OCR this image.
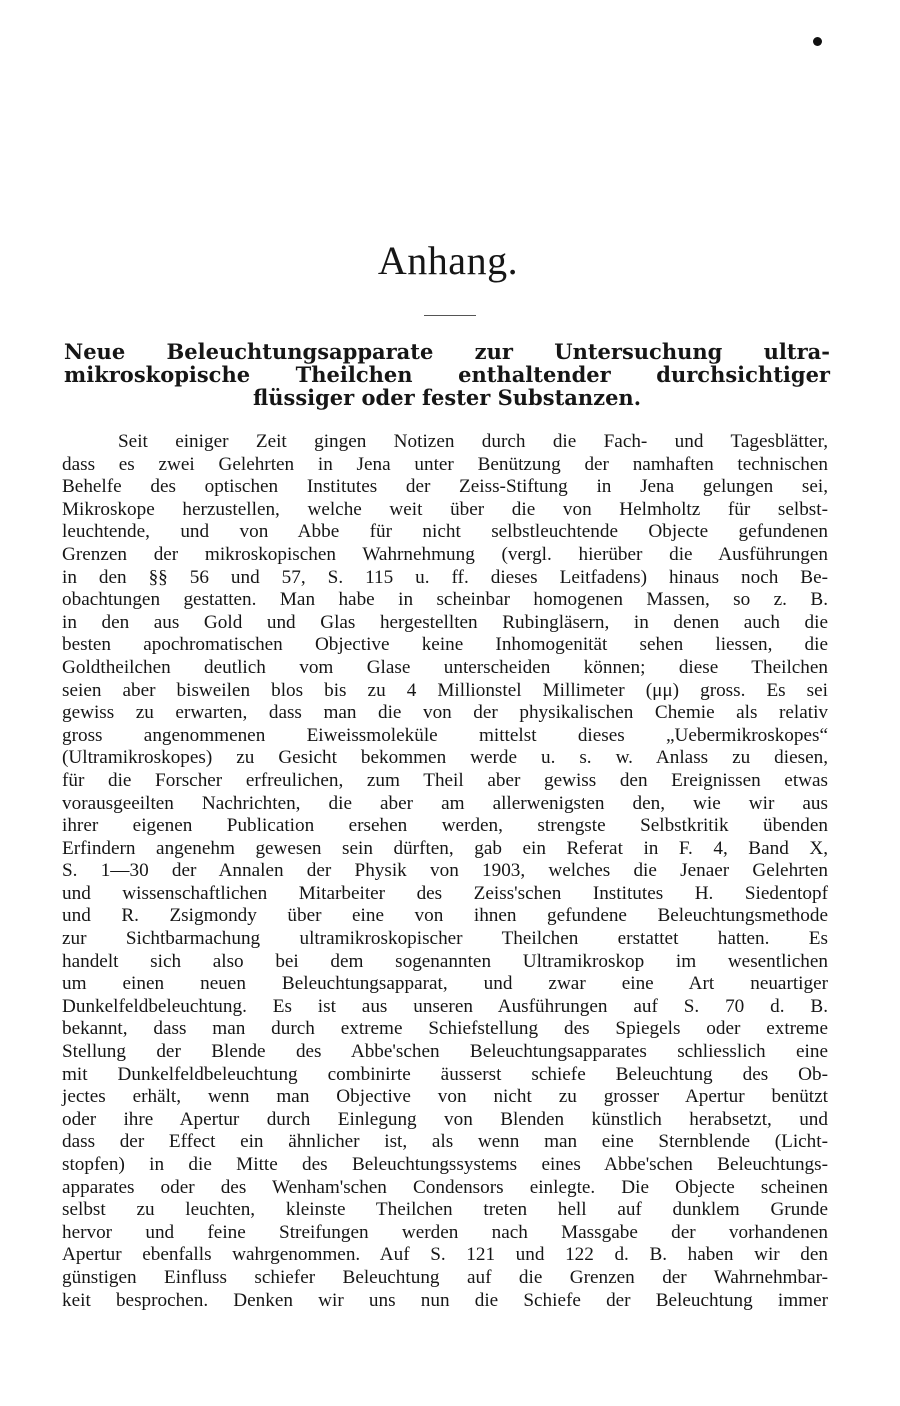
Anhang.
Neue Beleuchtungsapparate zur Untersuchung ultra-
mikroskopische Theilchen enthaltender durchsichtiger
flüssiger oder fester Substanzen.
Seit einiger Zeit gingen Notizen durch die Fach- und Tagesblätter,
dass es zwei Gelehrten in Jena unter Benützung der namhaften technischen
Behelfe des optischen Institutes der Zeiss-Stiftung in Jena gelungen sei,
Mikroskope herzustellen, welche weit über die von Helmholtz für selbst-
leuchtende, und von Abbe für nicht selbstleuchtende Objecte gefundenen
Grenzen der mikroskopischen Wahrnehmung (vergl. hierüber die Ausführungen
in den §§ 56 und 57, S. 115 u. ff. dieses Leitfadens) hinaus noch Be-
obachtungen gestatten. Man habe in scheinbar homogenen Massen, so z. B.
in den aus Gold und Glas hergestellten Rubingläsern, in denen auch die
besten apochromatischen Objective keine Inhomogenität sehen liessen, die
Goldtheilchen deutlich vom Glase unterscheiden können; diese Theilchen
seien aber bisweilen blos bis zu 4 Millionstel Millimeter (μμ) gross. Es sei
gewiss zu erwarten, dass man die von der physikalischen Chemie als relativ
gross angenommenen Eiweissmoleküle mittelst dieses „Uebermikroskopes“
(Ultramikroskopes) zu Gesicht bekommen werde u. s. w. Anlass zu diesen,
für die Forscher erfreulichen, zum Theil aber gewiss den Ereignissen etwas
vorausgeeilten Nachrichten, die aber am allerwenigsten den, wie wir aus
ihrer eigenen Publication ersehen werden, strengste Selbstkritik übenden
Erfindern angenehm gewesen sein dürften, gab ein Referat in F. 4, Band X,
S. 1—30 der Annalen der Physik von 1903, welches die Jenaer Gelehrten
und wissenschaftlichen Mitarbeiter des Zeiss'schen Institutes H. Siedentopf
und R. Zsigmondy über eine von ihnen gefundene Beleuchtungsmethode
zur Sichtbarmachung ultramikroskopischer Theilchen erstattet hatten. Es
handelt sich also bei dem sogenannten Ultramikroskop im wesentlichen
um einen neuen Beleuchtungsapparat, und zwar eine Art neuartiger
Dunkelfeldbeleuchtung. Es ist aus unseren Ausführungen auf S. 70 d. B.
bekannt, dass man durch extreme Schiefstellung des Spiegels oder extreme
Stellung der Blende des Abbe'schen Beleuchtungsapparates schliesslich eine
mit Dunkelfeldbeleuchtung combinirte äusserst schiefe Beleuchtung des Ob-
jectes erhält, wenn man Objective von nicht zu grosser Apertur benützt
oder ihre Apertur durch Einlegung von Blenden künstlich herabsetzt, und
dass der Effect ein ähnlicher ist, als wenn man eine Sternblende (Licht-
stopfen) in die Mitte des Beleuchtungssystems eines Abbe'schen Beleuchtungs-
apparates oder des Wenham'schen Condensors einlegte. Die Objecte scheinen
selbst zu leuchten, kleinste Theilchen treten hell auf dunklem Grunde
hervor und feine Streifungen werden nach Massgabe der vorhandenen
Apertur ebenfalls wahrgenommen. Auf S. 121 und 122 d. B. haben wir den
günstigen Einfluss schiefer Beleuchtung auf die Grenzen der Wahrnehmbar-
keit besprochen. Denken wir uns nun die Schiefe der Beleuchtung immer
